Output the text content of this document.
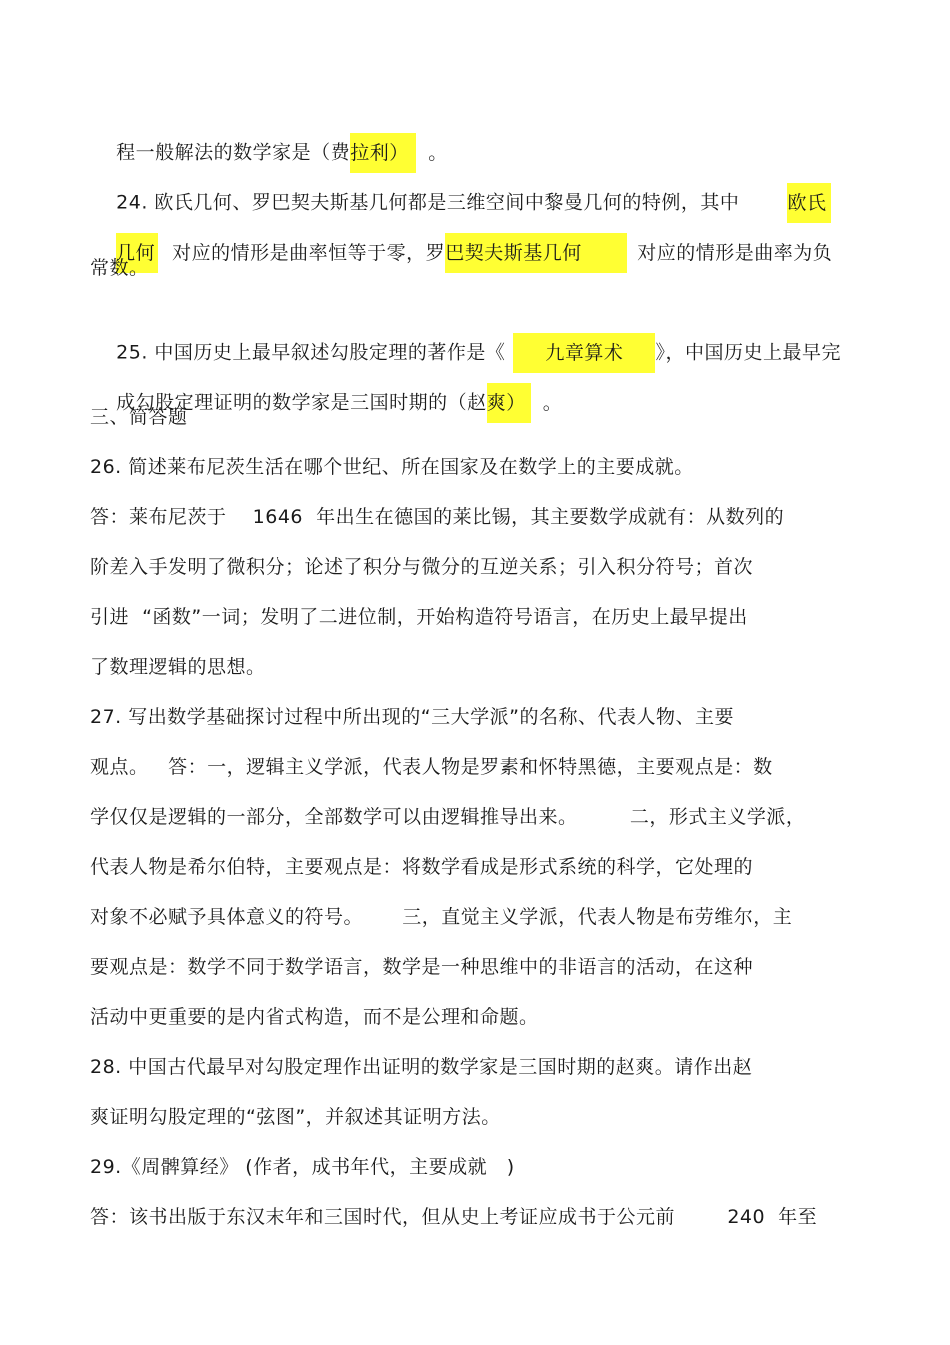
程一般解法的数学家是（费拉利） 。

24. 欧氏几何、罗巴契夫斯基几何都是三维空间中黎曼几何的特例，其中	欧氏

几何 对应的情形是曲率恒等于零，罗巴契夫斯基几何	对应的情形是曲率为负

常数。

25. 中国历史上最早叙述勾股定理的著作是《 九章算术 》，中国历史上最早完

成勾股定理证明的数学家是三国时期的（赵爽） 。

三、简答题
26. 简述莱布尼茨生活在哪个世纪、所在国家及在数学上的主要成就。
答：莱布尼茨于    1646  年出生在德国的莱比锡，其主要数学成就有：从数列的
阶差入手发明了微积分；论述了积分与微分的互逆关系；引入积分符号；首次
引进  “函数”一词；发明了二进位制，开始构造符号语言，在历史上最早提出
了数理逻辑的思想。
27. 写出数学基础探讨过程中所出现的“三大学派”的名称、代表人物、主要
观点。   答：一，逻辑主义学派，代表人物是罗素和怀特黑德，主要观点是：数
学仅仅是逻辑的一部分，全部数学可以由逻辑推导出来。        二，形式主义学派，
代表人物是希尔伯特，主要观点是：将数学看成是形式系统的科学，它处理的
对象不必赋予具体意义的符号。      三，直觉主义学派，代表人物是布劳维尔，主
要观点是：数学不同于数学语言，数学是一种思维中的非语言的活动，在这种
活动中更重要的是内省式构造，而不是公理和命题。
28. 中国古代最早对勾股定理作出证明的数学家是三国时期的赵爽。请作出赵
爽证明勾股定理的“弦图”，并叙述其证明方法。
29.《周髀算经》 (作者，成书年代，主要成就   )
答：该书出版于东汉末年和三国时代，但从史上考证应成书于公元前        240  年至
